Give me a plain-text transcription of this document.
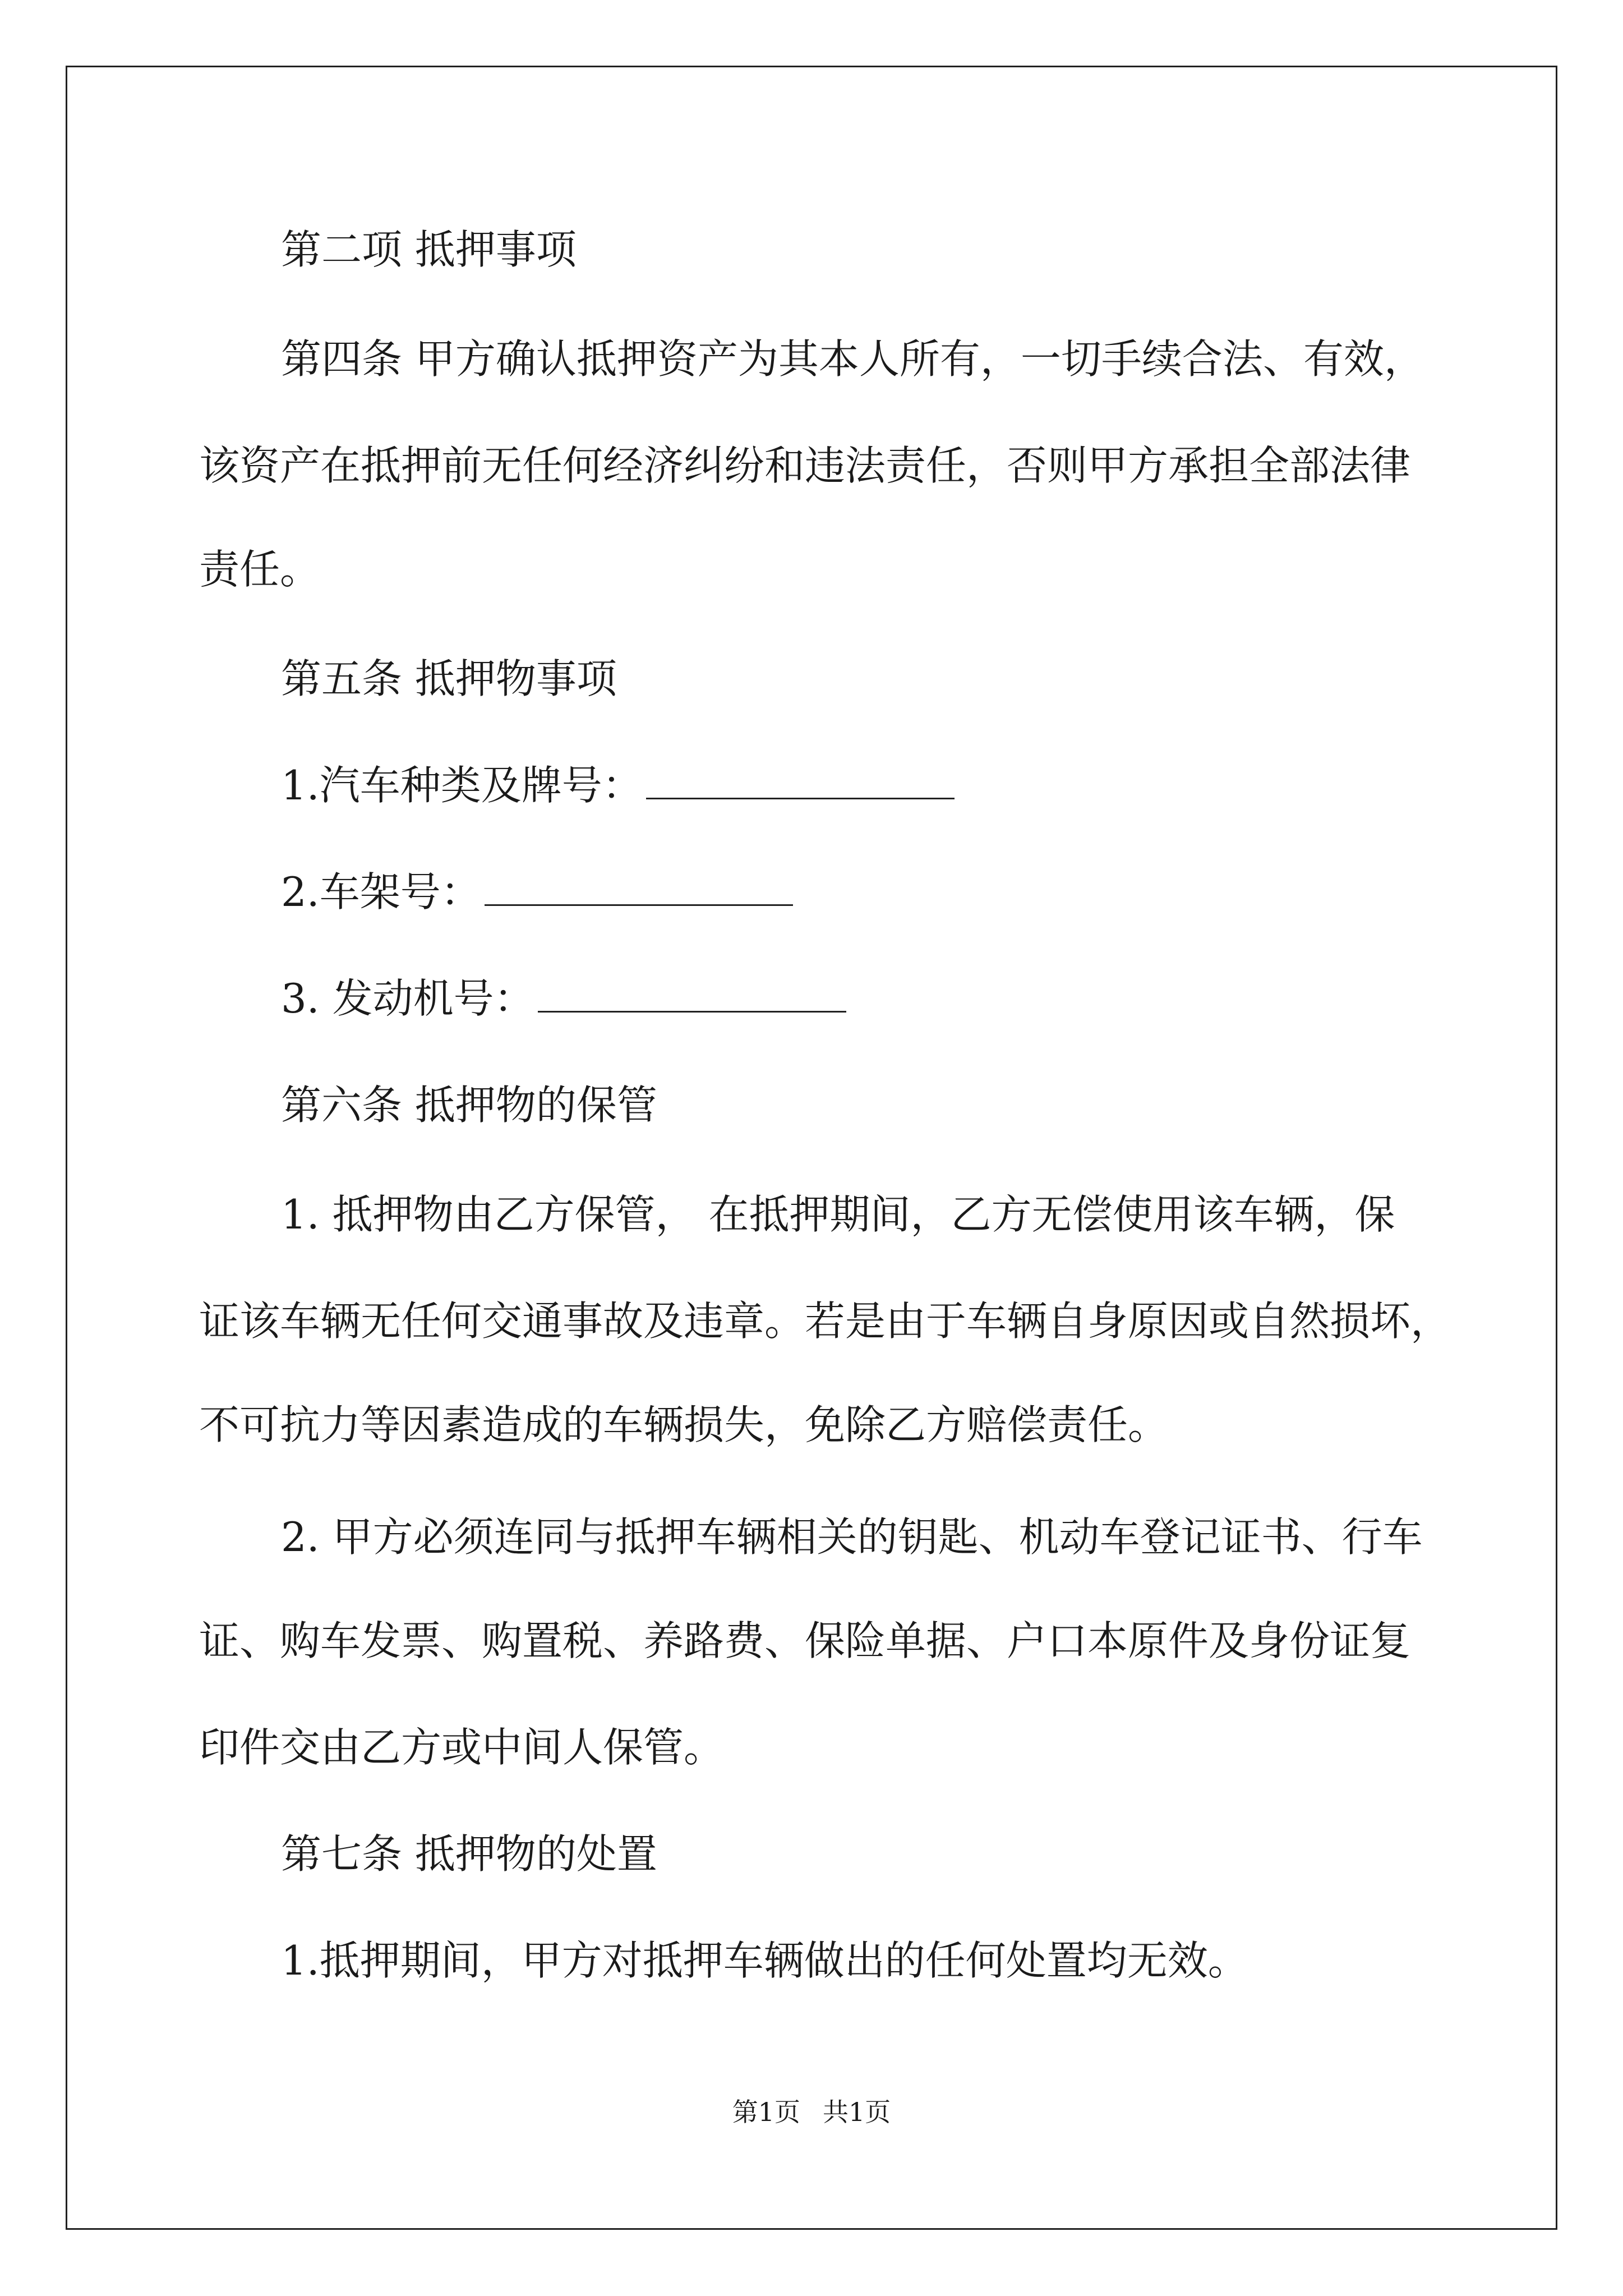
第二项 抵押事项
第四条 甲方确认抵押资产为其本人所有，一切手续合法、有效，
该资产在抵押前无任何经济纠纷和违法责任，否则甲方承担全部法律
责任。
第五条 抵押物事项
1.汽车种类及牌号：
2.车架号：
3. 发动机号：
第六条 抵押物的保管
1. 抵押物由乙方保管， 在抵押期间，乙方无偿使用该车辆，保
证该车辆无任何交通事故及违章。若是由于车辆自身原因或自然损坏，
不可抗力等因素造成的车辆损失，免除乙方赔偿责任。
2. 甲方必须连同与抵押车辆相关的钥匙、机动车登记证书、行车
证、购车发票、购置税、养路费、保险单据、户口本原件及身份证复
印件交由乙方或中间人保管。
第七条 抵押物的处置
1.抵押期间，甲方对抵押车辆做出的任何处置均无效。
第1页 共1页
